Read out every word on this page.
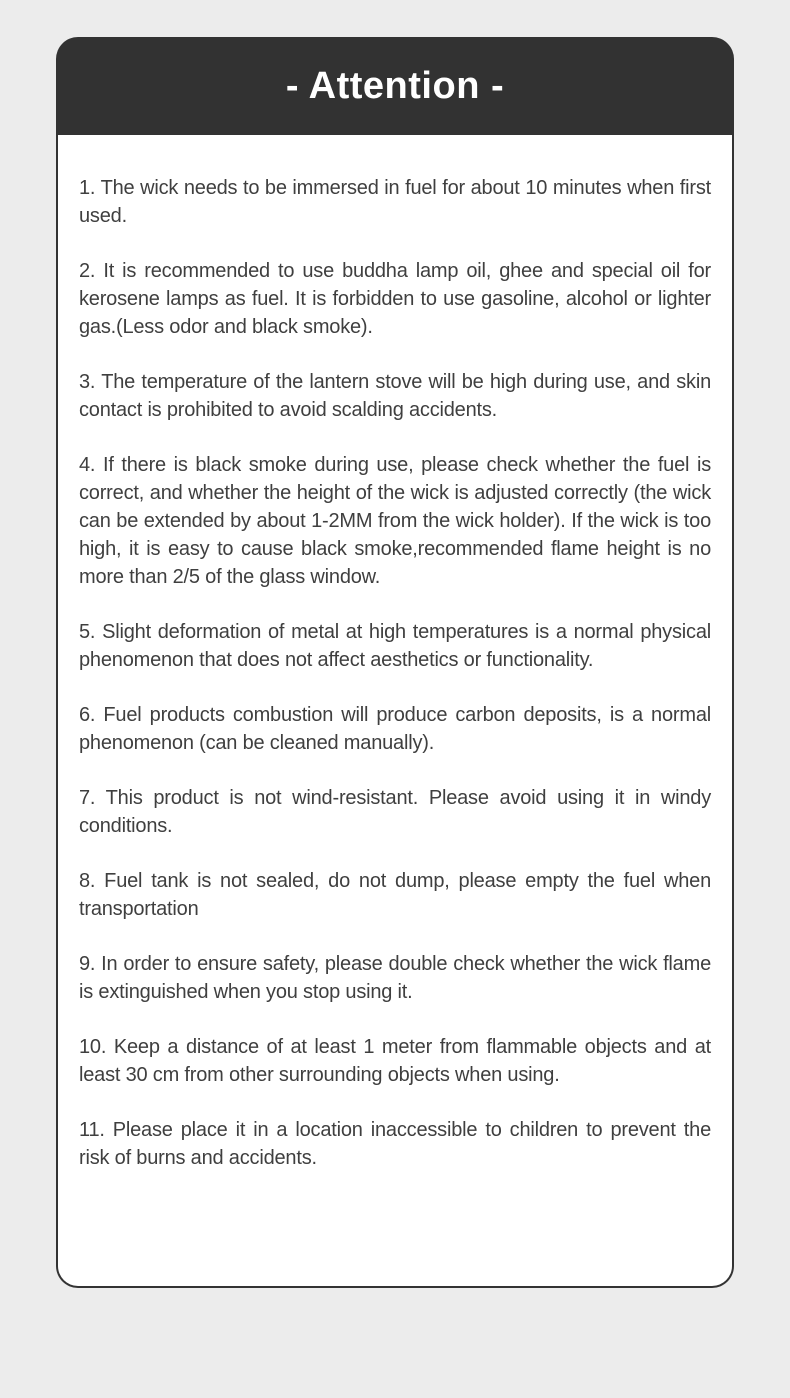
- Attention -

1. The wick needs to be immersed in fuel for about 10 minutes when first used.

2. It is recommended to use buddha lamp oil, ghee and special oil for kerosene lamps as fuel. It is forbidden to use gasoline, alcohol or lighter gas.(Less odor and black smoke).

3. The temperature of the lantern stove will be high during use, and skin contact is prohibited to avoid scalding accidents.

4. If there is black smoke during use, please check whether the fuel is correct, and whether the height of the wick is adjusted correctly (the wick can be extended by about 1-2MM from the wick holder). If the wick is too high, it is easy to cause black smoke,recommended flame height is no more than 2/5 of the glass window.

5. Slight deformation of metal at high temperatures is a normal physical phenomenon that does not affect aesthetics or functionality.

6. Fuel products combustion will produce carbon deposits, is a normal phenomenon (can be cleaned manually).

7. This product is not wind-resistant. Please avoid using it in windy conditions.

8. Fuel tank is not sealed, do not dump, please empty the fuel when transportation

9. In order to ensure safety, please double check whether the wick flame is extinguished when you stop using it.

10. Keep a distance of at least 1 meter from flammable objects and at least 30 cm from other surrounding objects when using.

11. Please place it in a location inaccessible to children to prevent the risk of burns and accidents.
